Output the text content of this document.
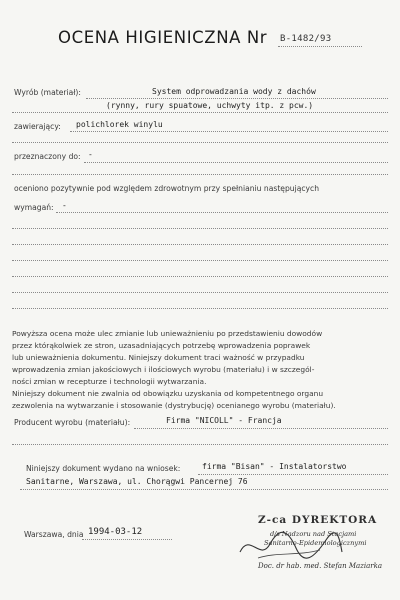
OCENA HIGIENICZNA Nr B-1482/93
Wyrób (materiał):	System odprowadzania wody z dachów
(rynny, rury spuatowe, uchwyty itp. z pcw.)
zawierający: polichlorek winylu
przeznaczony do: -
oceniono pozytywnie pod względem zdrowotnym przy spełnianiu następujących
wymagań: -
Powyższa ocena może ulec zmianie lub unieważnieniu po przedstawieniu dowodów
przez którąkolwiek ze stron, uzasadniających potrzebę wprowadzenia poprawek
lub unieważnienia dokumentu. Niniejszy dokument traci ważność w przypadku
wprowadzenia zmian jakościowych i ilościowych wyrobu (materiału) i w szczegól-
ności zmian w recepturze i technologii wytwarzania.
Niniejszy dokument nie zwalnia od obowiązku uzyskania od kompetentnego organu
zezwolenia na wytwarzanie i stosowanie (dystrybucję) ocenianego wyrobu (materiału).
Producent wyrobu (materiału):	Firma "NICOLL" - Francja
Niniejszy dokument wydano na wniosek:	firma "Bisan" - Instalatorstwo
Sanitarne, Warszawa, ul. Chorągwi Pancernej 76
Warszawa, dnia 1994-03-12
Z-ca DYREKTORA
d/s Nadzoru nad Stacjami
Sanitarno-Epidemiologicznymi
Doc. dr hab. med. Stefan Maziarka
